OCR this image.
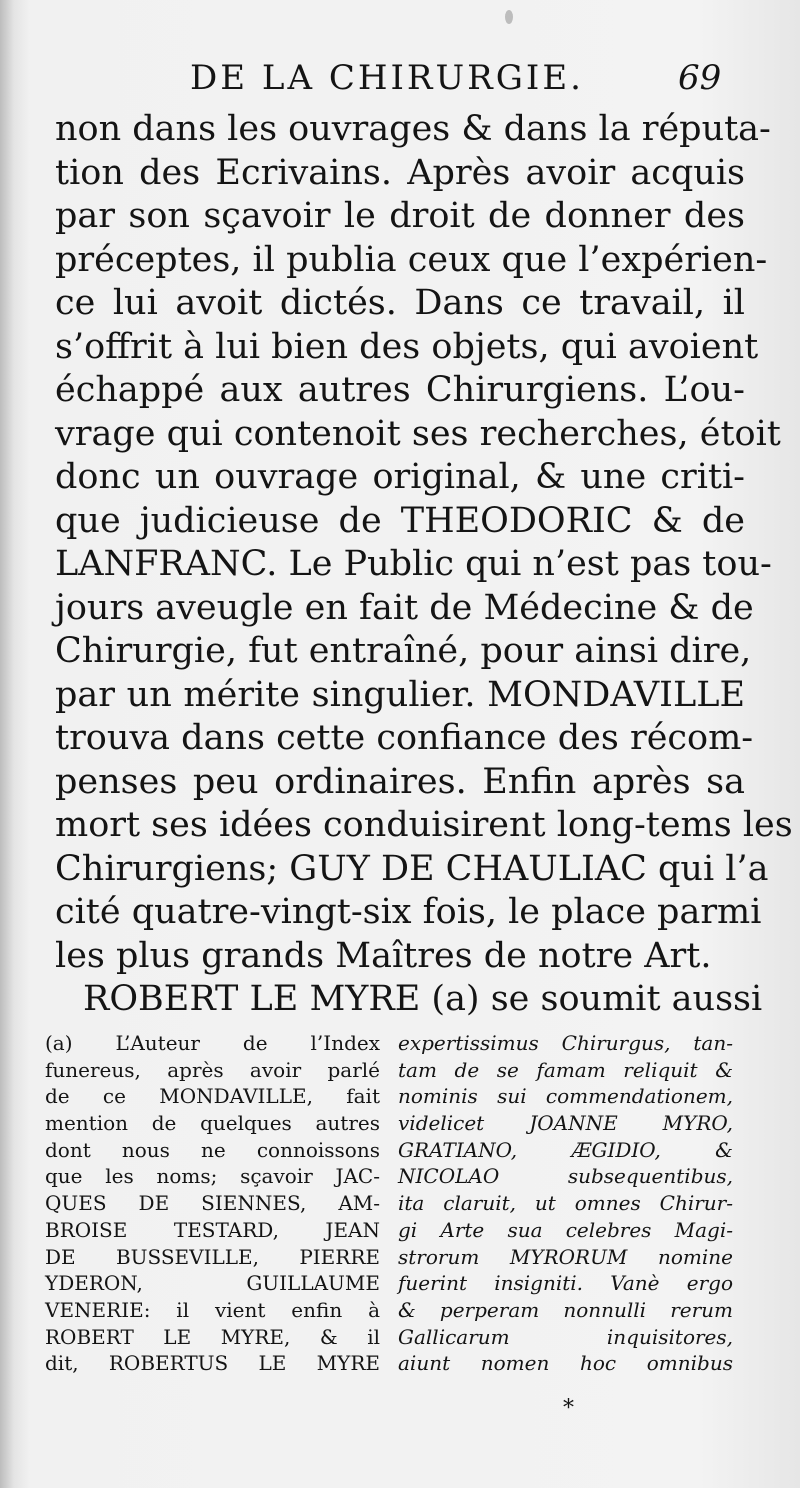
DE LA CHIRURGIE.	69
non dans les ouvrages & dans la réputa-
tion des Ecrivains. Après avoir acquis
par son sçavoir le droit de donner des
préceptes, il publia ceux que l’expérien-
ce lui avoit dictés. Dans ce travail, il
s’offrit à lui bien des objets, qui avoient
échappé aux autres Chirurgiens. L’ou-
vrage qui contenoit ses recherches, étoit
donc un ouvrage original, & une criti-
que judicieuse de THEODORIC & de
LANFRANC. Le Public qui n’est pas tou-
jours aveugle en fait de Médecine & de
Chirurgie, fut entraîné, pour ainsi dire,
par un mérite singulier. MONDAVILLE
trouva dans cette confiance des récom-
penses peu ordinaires. Enfin après sa
mort ses idées conduisirent long-tems les
Chirurgiens; GUY DE CHAULIAC qui l’a
cité quatre-vingt-six fois, le place parmi
les plus grands Maîtres de notre Art.
ROBERT LE MYRE (a) se soumit aussi
(a) L’Auteur de l’Index
funereus, après avoir parlé
de ce MONDAVILLE, fait
mention de quelques autres
dont nous ne connoissons
que les noms; sçavoir JAC-
QUES DE SIENNES, AM-
BROISE TESTARD, JEAN
DE BUSSEVILLE, PIERRE
YDERON, GUILLAUME
VENERIE: il vient enfin à
ROBERT LE MYRE, & il
dit, ROBERTUS LE MYRE
expertissimus Chirurgus, tan-
tam de se famam reliquit &
nominis sui commendationem,
videlicet JOANNE MYRO,
GRATIANO, ÆGIDIO, &
NICOLAO subsequentibus,
ita claruit, ut omnes Chirur-
gi Arte sua celebres Magi-
strorum MYRORUM nomine
fuerint insigniti. Vanè ergo
& perperam nonnulli rerum
Gallicarum inquisitores,
aiunt nomen hoc omnibus
*
